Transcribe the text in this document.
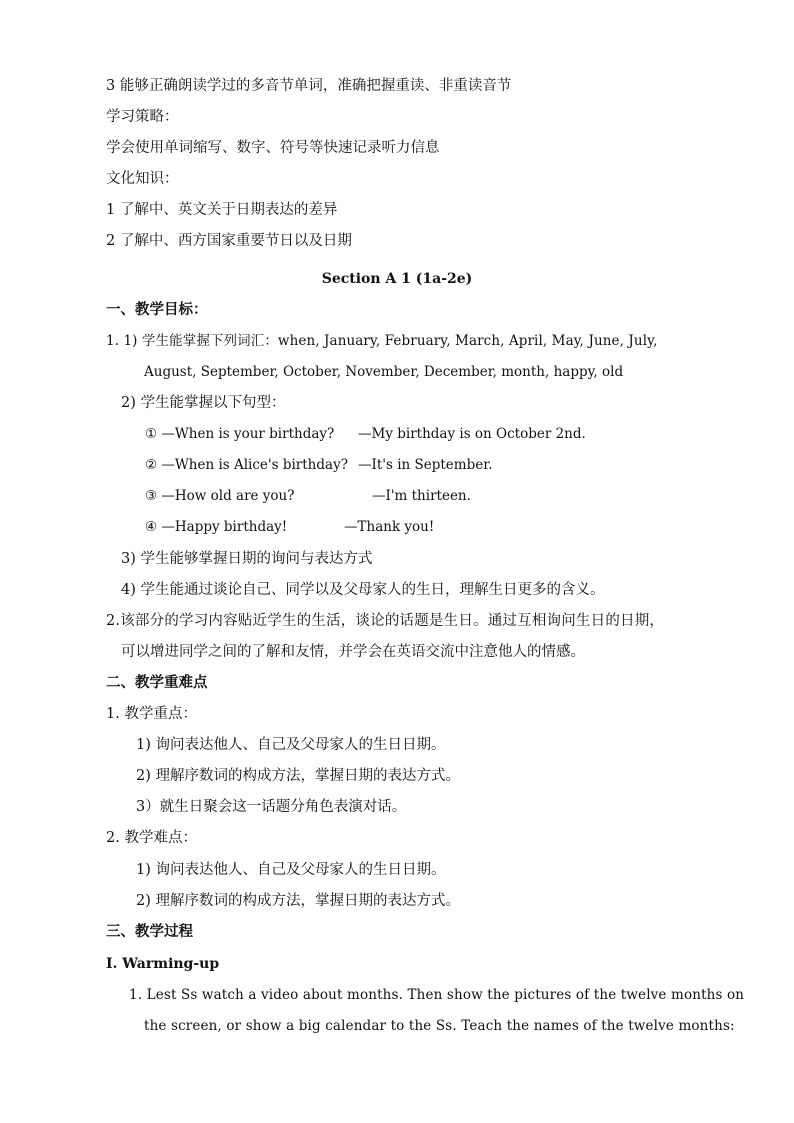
3 能够正确朗读学过的多音节单词，准确把握重读、非重读音节
学习策略：
学会使用单词缩写、数字、符号等快速记录听力信息
文化知识：
1 了解中、英文关于日期表达的差异
2 了解中、西方国家重要节日以及日期
Section A 1 (1a-2e)
一、教学目标：
1. 1) 学生能掌握下列词汇：when, January, February, March, April, May, June, July,
August, September, October, November, December, month, happy, old
2) 学生能掌握以下句型：
① —When is your birthday? —My birthday is on October 2nd.
② —When is Alice's birthday? —It's in September.
③ —How old are you?	—I'm thirteen.
④ —Happy birthday!	—Thank you!
3) 学生能够掌握日期的询问与表达方式
4) 学生能通过谈论自己、同学以及父母家人的生日，理解生日更多的含义。
2.该部分的学习内容贴近学生的生活，谈论的话题是生日。通过互相询问生日的日期，
可以增进同学之间的了解和友情，并学会在英语交流中注意他人的情感。
二、教学重难点
1. 教学重点：
1) 询问表达他人、自己及父母家人的生日日期。
2) 理解序数词的构成方法，掌握日期的表达方式。
3）就生日聚会这一话题分角色表演对话。
2. 教学难点：
1) 询问表达他人、自己及父母家人的生日日期。
2) 理解序数词的构成方法，掌握日期的表达方式。
三、教学过程
Ⅰ. Warming-up
1. Lest Ss watch a video about months. Then show the pictures of the twelve months on
the screen, or show a big calendar to the Ss. Teach the names of the twelve months:
